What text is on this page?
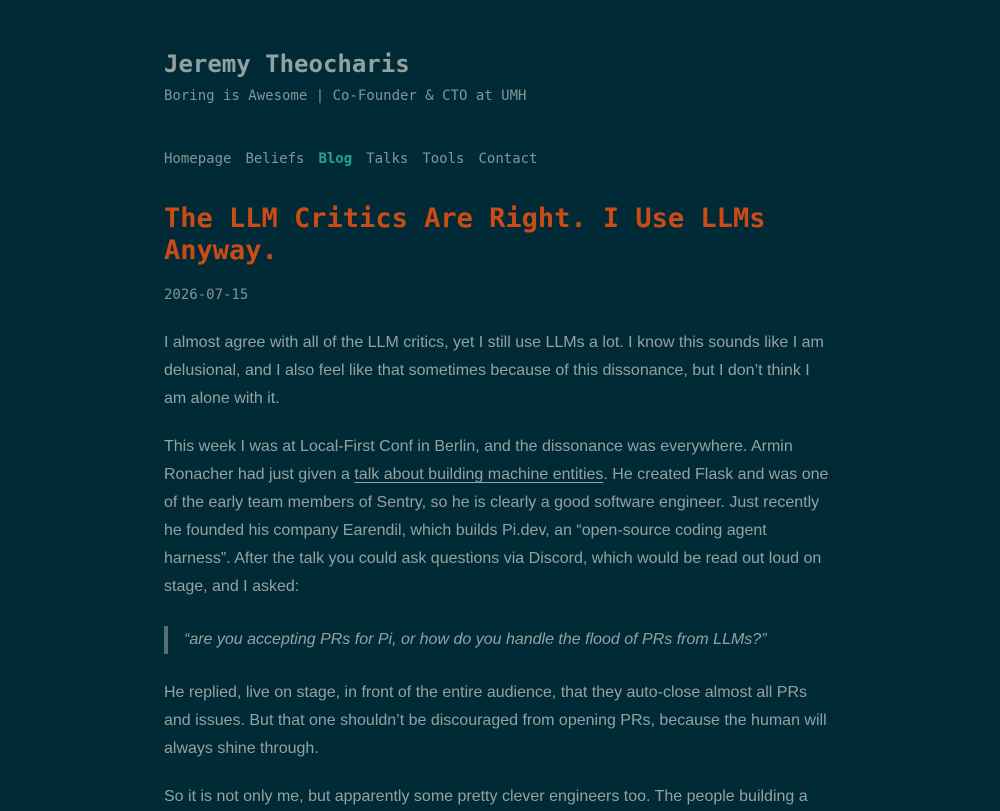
Jeremy Theocharis

Boring is Awesome | Co-Founder & CTO at UMH

Homepage Beliefs Blog Talks Tools Contact
The LLM Critics Are Right. I Use LLMs Anyway.

2026-07-15

I almost agree with all of the LLM critics, yet I still use LLMs a lot. I know this sounds like I am delusional, and I also feel like that sometimes because of this dissonance, but I don’t think I am alone with it.

This week I was at Local-First Conf in Berlin, and the dissonance was everywhere. Armin Ronacher had just given a talk about building machine entities. He created Flask and was one of the early team members of Sentry, so he is clearly a good software engineer. Just recently he founded his company Earendil, which builds Pi.dev, an “open-source coding agent harness”. After the talk you could ask questions via Discord, which would be read out loud on stage, and I asked:

“are you accepting PRs for Pi, or how do you handle the flood of PRs from LLMs?”

He replied, live on stage, in front of the entire audience, that they auto-close almost all PRs and issues. But that one shouldn’t be discouraged from opening PRs, because the human will always shine through.

So it is not only me, but apparently some pretty clever engineers too. The people building a
